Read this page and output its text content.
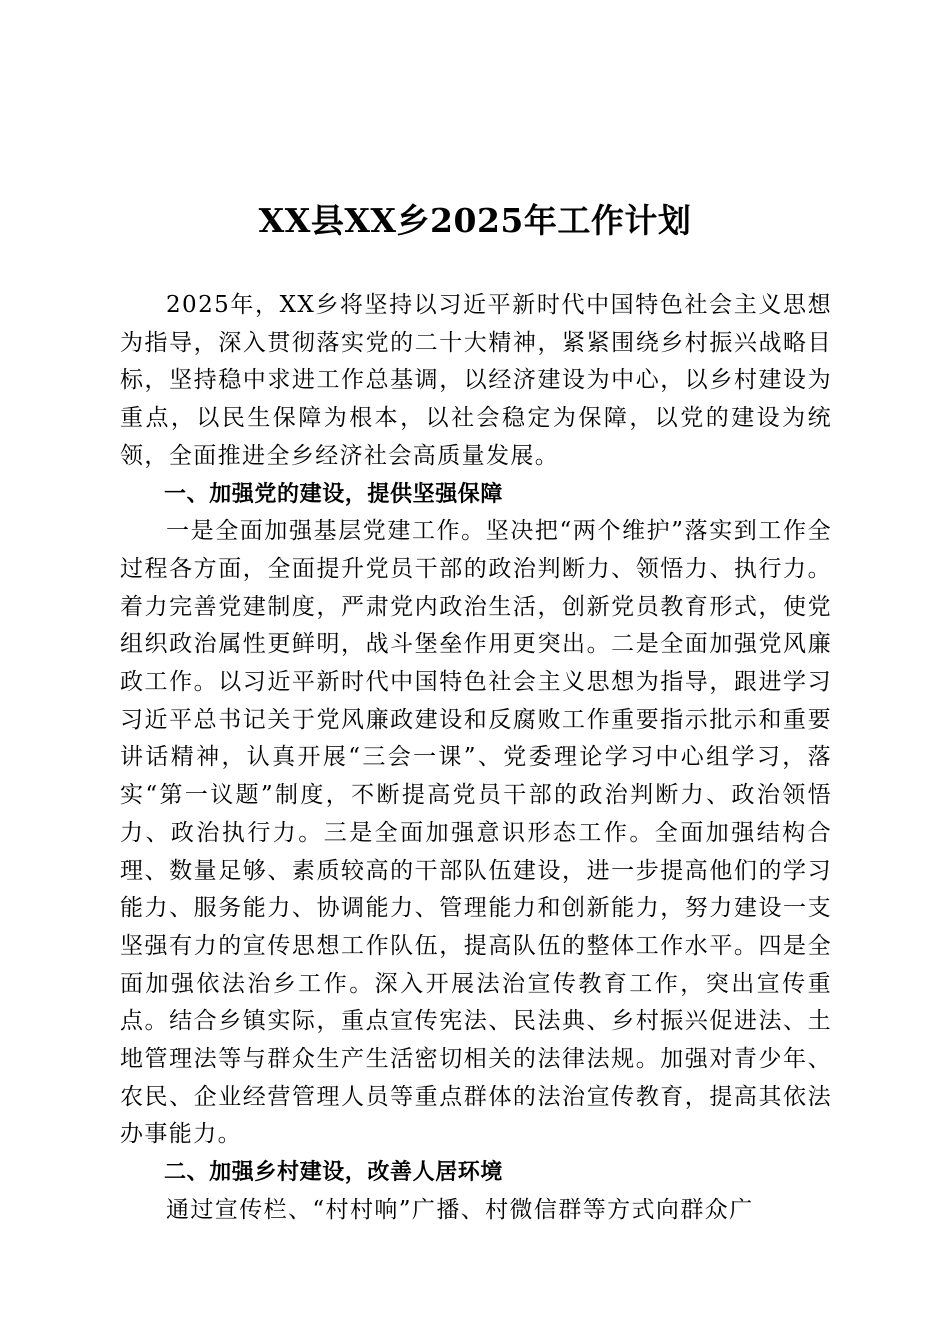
XX县XX乡2025年工作计划

2025年，XX乡将坚持以习近平新时代中国特色社会主义思想为指导，深入贯彻落实党的二十大精神，紧紧围绕乡村振兴战略目标，坚持稳中求进工作总基调，以经济建设为中心，以乡村建设为重点，以民生保障为根本，以社会稳定为保障，以党的建设为统领，全面推进全乡经济社会高质量发展。

一、加强党的建设，提供坚强保障

一是全面加强基层党建工作。坚决把“两个维护”落实到工作全过程各方面，全面提升党员干部的政治判断力、领悟力、执行力。着力完善党建制度，严肃党内政治生活，创新党员教育形式，使党组织政治属性更鲜明，战斗堡垒作用更突出。二是全面加强党风廉政工作。以习近平新时代中国特色社会主义思想为指导，跟进学习习近平总书记关于党风廉政建设和反腐败工作重要指示批示和重要讲话精神，认真开展“三会一课”、党委理论学习中心组学习，落实“第一议题”制度，不断提高党员干部的政治判断力、政治领悟力、政治执行力。三是全面加强意识形态工作。全面加强结构合理、数量足够、素质较高的干部队伍建设，进一步提高他们的学习能力、服务能力、协调能力、管理能力和创新能力，努力建设一支坚强有力的宣传思想工作队伍，提高队伍的整体工作水平。四是全面加强依法治乡工作。深入开展法治宣传教育工作，突出宣传重点。结合乡镇实际，重点宣传宪法、民法典、乡村振兴促进法、土地管理法等与群众生产生活密切相关的法律法规。加强对青少年、农民、企业经营管理人员等重点群体的法治宣传教育，提高其依法办事能力。

二、加强乡村建设，改善人居环境

通过宣传栏、“村村响”广播、村微信群等方式向群众广
